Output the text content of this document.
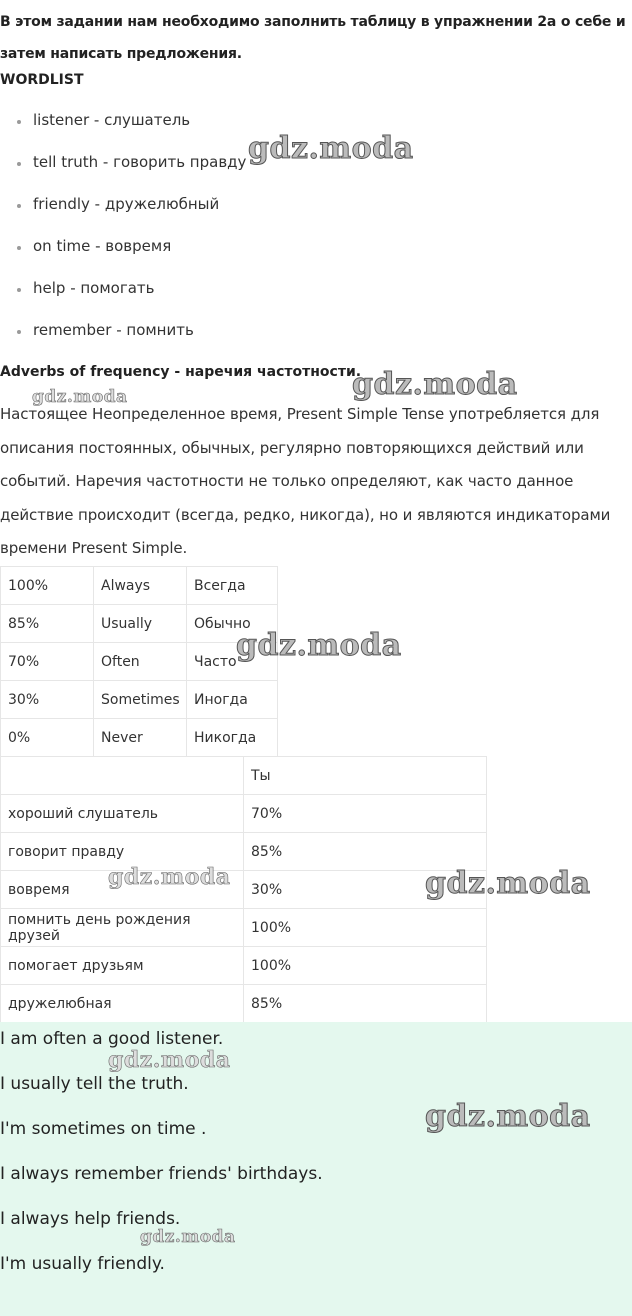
В этом задании нам необходимо заполнить таблицу в упражнении 2а о себе и затем написать предложения.
WORDLIST
listener - слушатель
tell truth - говорить правду
friendly - дружелюбный
on time - вовремя
help - помогать
remember - помнить
Adverbs of frequency - наречия частотности.
Настоящее Неопределенное время, Present Simple Tense употребляется для описания постоянных, обычных, регулярно повторяющихся действий или событий. Наречия частотности не только определяют, как часто данное действие происходит (всегда, редко, никогда), но и являются индикаторами времени Present Simple.
100%	Always	Всегда
85%	Usually	Обычно
70%	Often	Часто
30%	Sometimes	Иногда
0%	Never	Никогда
	Ты
хороший слушатель	70%
говорит правду	85%
вовремя	30%
помнить день рождения друзей	100%
помогает друзьям	100%
дружелюбная	85%

I am often a good listener.

I usually tell the truth.

I'm sometimes on time .

I always remember friends' birthdays.

I always help friends.

I'm usually friendly.

gdz.moda
gdz.moda	gdz.moda
gdz.moda
gdz.moda	gdz.moda
gdz.moda
gdz.moda
gdz.moda
